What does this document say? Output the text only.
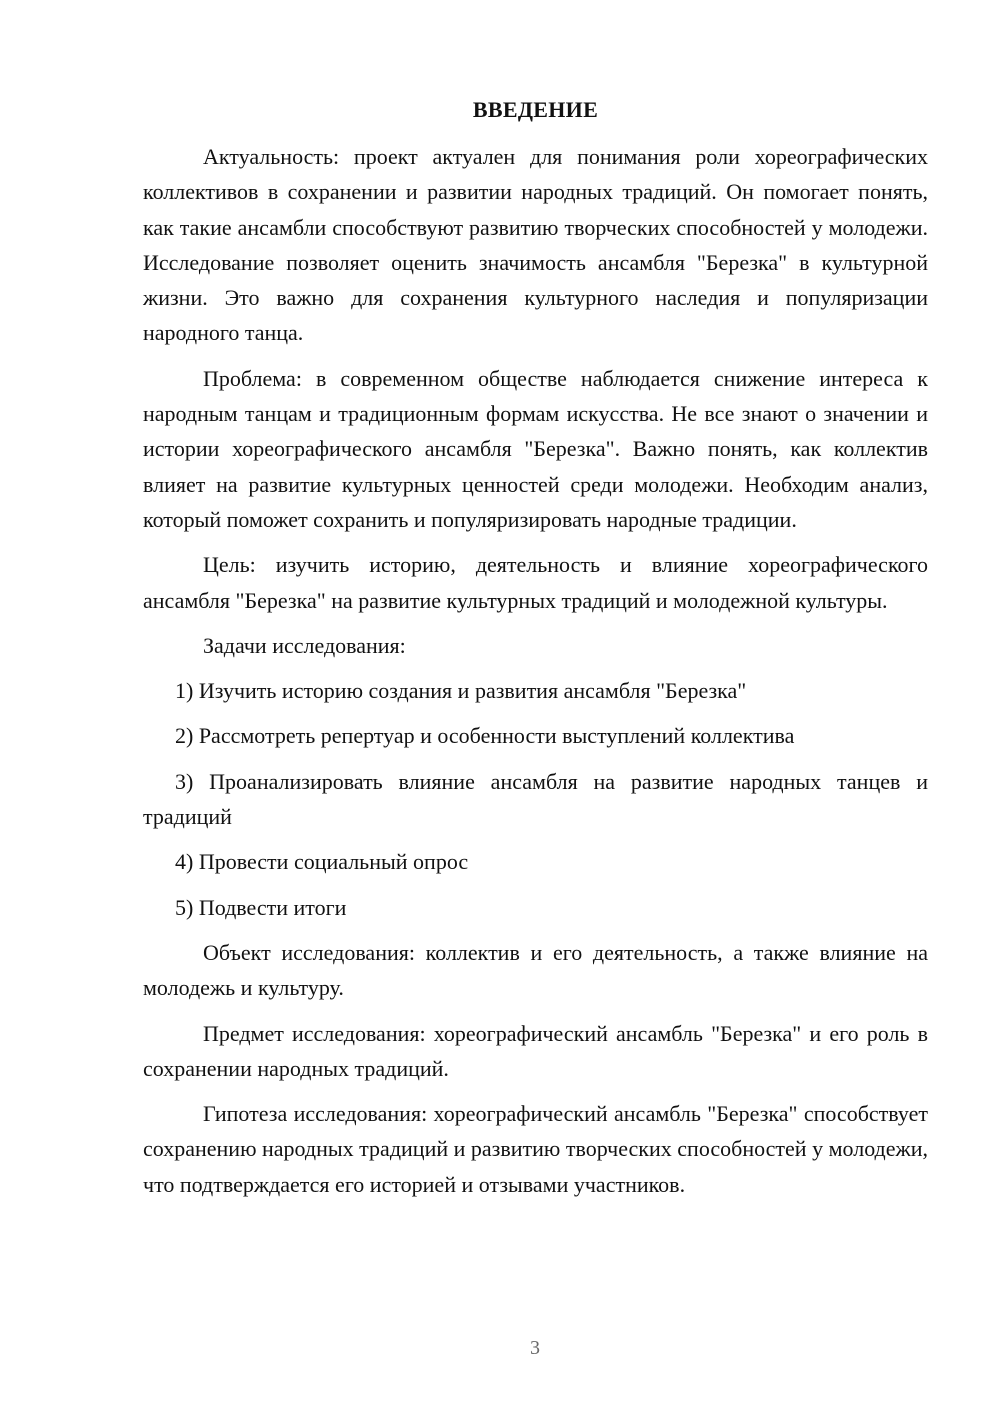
ВВЕДЕНИЕ

Актуальность: проект актуален для понимания роли хореографических коллективов в сохранении и развитии народных традиций. Он помогает понять, как такие ансамбли способствуют развитию творческих способностей у молодежи. Исследование позволяет оценить значимость ансамбля "Березка" в культурной жизни. Это важно для сохранения культурного наследия и популяризации народного танца.

Проблема: в современном обществе наблюдается снижение интереса к народным танцам и традиционным формам искусства. Не все знают о значении и истории хореографического ансамбля "Березка". Важно понять, как коллектив влияет на развитие культурных ценностей среди молодежи. Необходим анализ, который поможет сохранить и популяризировать народные традиции.

Цель: изучить историю, деятельность и влияние хореографического ансамбля "Березка" на развитие культурных традиций и молодежной культуры.

Задачи исследования:

1) Изучить историю создания и развития ансамбля "Березка"
2) Рассмотреть репертуар и особенности выступлений коллектива
3) Проанализировать влияние ансамбля на развитие народных танцев и традиций
4) Провести социальный опрос
5) Подвести итоги

Объект исследования: коллектив и его деятельность, а также влияние на молодежь и культуру.

Предмет исследования: хореографический ансамбль "Березка" и его роль в сохранении народных традиций.

Гипотеза исследования: хореографический ансамбль "Березка" способствует сохранению народных традиций и развитию творческих способностей у молодежи, что подтверждается его историей и отзывами участников.

3
